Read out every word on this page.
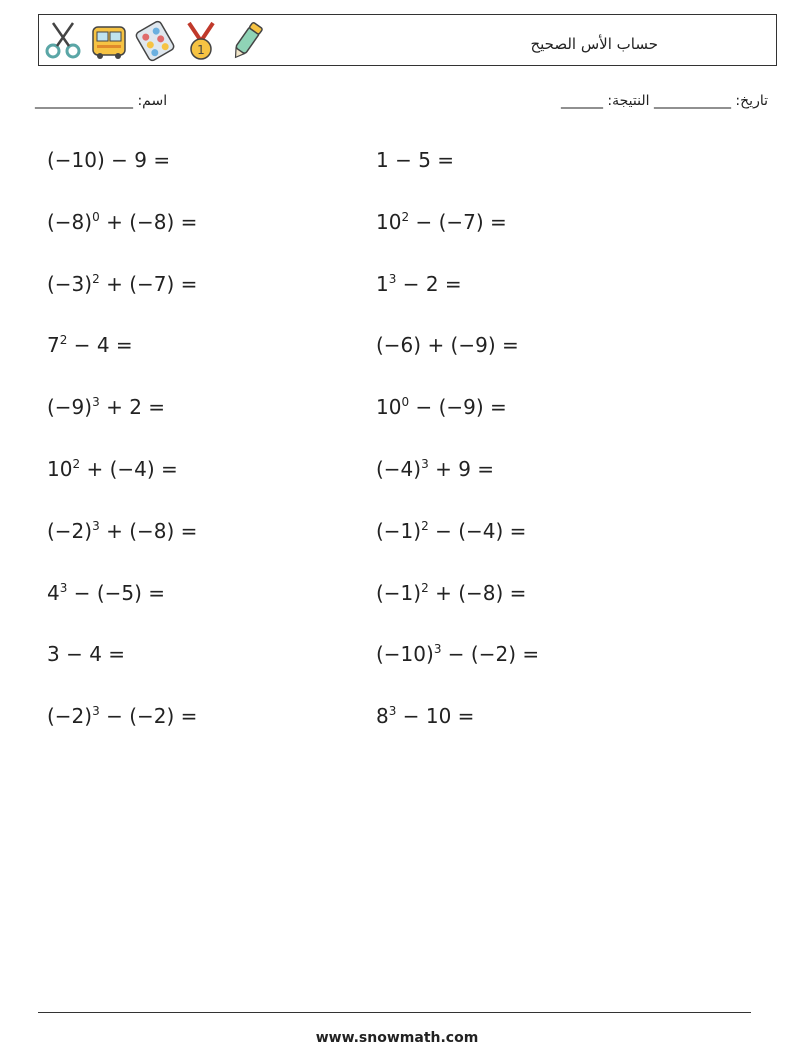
1	حساب الأس الصحيح
______________ :اسم	______ :تاريخ: ___________ النتيجة
(−10) − 9 =
$(-8)^0 + (-8)$ =
$(-3)^2 + (-7)$ =
$7^2 - 4$ =
$(-9)^3 + 2$ =
$10^2 + (-4)$ =
$(-2)^3 + (-8)$ =
$4^3 - (-5)$ =
3 − 4 =
$(-2)^3 - (-2)$ =
1 − 5 =
$10^2 - (-7)$ =
$1^3 - 2$ =
(−6) + (−9) =
$10^0 - (-9)$ =
$(-4)^3 + 9$ =
$(-1)^2 - (-4)$ =
$(-1)^2 + (-8)$ =
$(-10)^3 - (-2)$ =
$8^3 - 10$ =
www.snowmath.com
